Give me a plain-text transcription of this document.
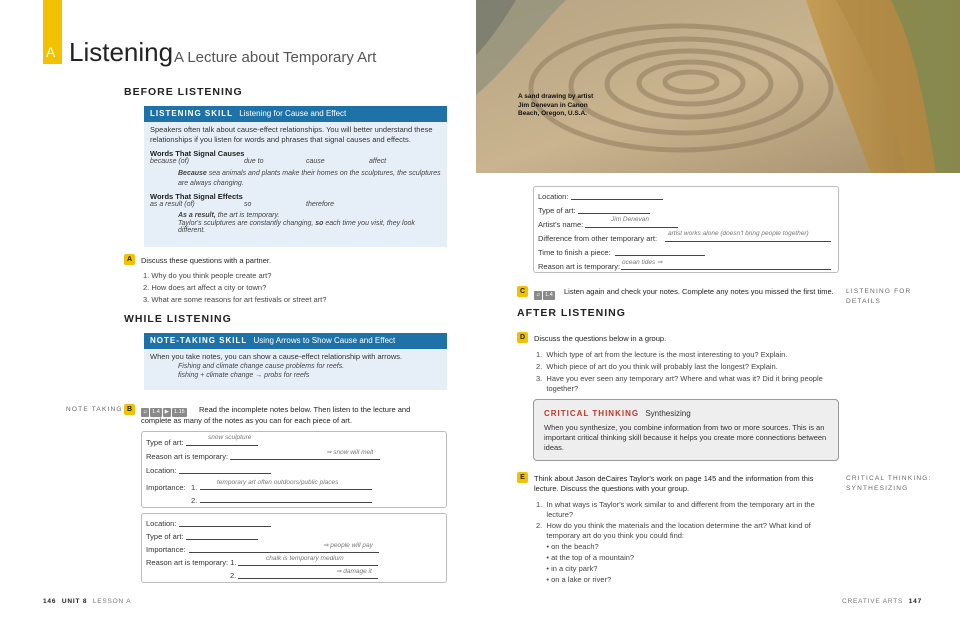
A Listening A Lecture about Temporary Art
BEFORE LISTENING
LISTENING SKILL Listening for Cause and Effect
Speakers often talk about cause-effect relationships. You will better understand these relationships if you listen for words and phrases that signal causes and effects.
Words That Signal Causes
because (of)	due to	cause	affect
Because sea animals and plants make their homes on the sculptures, the sculptures are always changing.
Words That Signal Effects
as a result (of)	so	therefore
As a result, the art is temporary.
Taylor's sculptures are constantly changing, so each time you visit, they look different.
A	Discuss these questions with a partner.
1. Why do you think people create art?
2. How does art affect a city or town?
3. What are some reasons for art festivals or street art?
WHILE LISTENING
NOTE-TAKING SKILL Using Arrows to Show Cause and Effect
When you take notes, you can show a cause-effect relationship with arrows.
Fishing and climate change cause problems for reefs.
fishing + climate change → probs for reefs
NOTE TAKING B	♫ 1.4 ▶ 1.15	Read the incomplete notes below. Then listen to the lecture and complete as many of the notes as you can for each piece of art.
Type of art:
snow sculpture
Reason art is temporary:	⇒ snow will melt
Location:
Importance: 1.
temporary art often outdoors/public places
2.
Location:
Type of art:
Importance:	⇒ people will pay
Reason art is temporary: 1.	chalk is temporary medium
2.	⇒ damage it
A sand drawing by artist Jim Denevan in Canon Beach, Oregon, U.S.A.
Location:
Type of art:
Artist's name:
Jim Denevan
Difference from other temporary art:
artist works alone (doesn't bring people together)
Time to finish a piece:
Reason art is temporary: ocean tides ⇒
C
♫ 1.4	Listen again and check your notes. Complete any notes you missed the first time. LISTENING FOR
DETAILS
AFTER LISTENING
D	Discuss the questions below in a group.
1.  Which type of art from the lecture is the most interesting to you? Explain.
2.  Which piece of art do you think will probably last the longest? Explain.
3.  Have you ever seen any temporary art? Where and what was it? Did it bring people
together?
CRITICAL THINKING Synthesizing
When you synthesize, you combine information from two or more sources. This is an important critical thinking skill because it helps you create more connections between ideas.
E	Think about Jason deCaires Taylor's work on page 145 and the information from this
lecture. Discuss the questions with your group.
CRITICAL THINKING:
SYNTHESIZING
1.  In what ways is Taylor's work similar to and different from the temporary art in the
lecture?
2.  How do you think the materials and the location determine the art? What kind of
temporary art do you think you could find:
• on the beach?
• at the top of a mountain?
• in a city park?
• on a lake or river?
146 UNIT 8 LESSON A	CREATIVE ARTS 147
